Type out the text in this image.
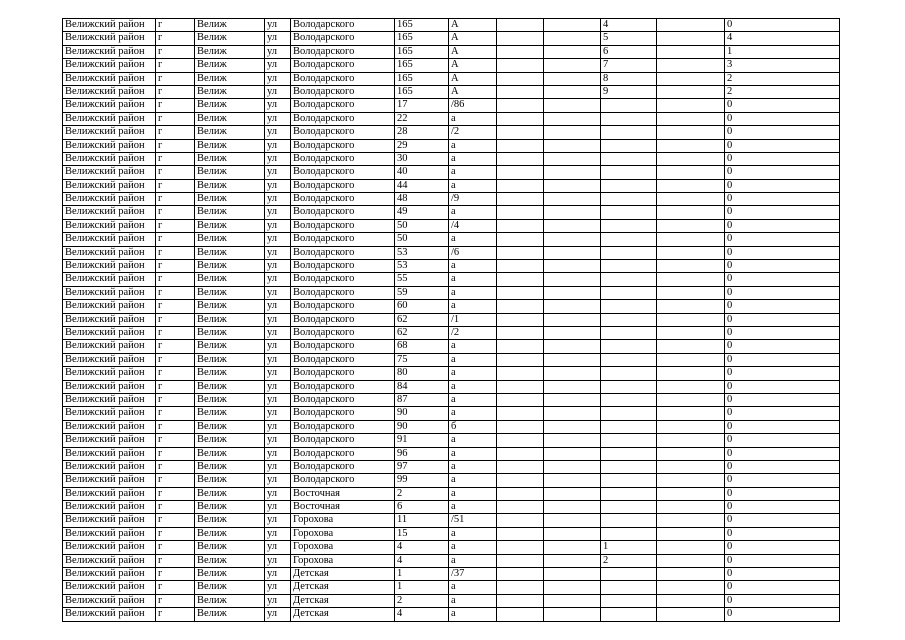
Велижский район	г	Велиж	ул	Володарского	165	А			4		0
Велижский район	г	Велиж	ул	Володарского	165	А			5		4
Велижский район	г	Велиж	ул	Володарского	165	А			6		1
Велижский район	г	Велиж	ул	Володарского	165	А			7		3
Велижский район	г	Велиж	ул	Володарского	165	А			8		2
Велижский район	г	Велиж	ул	Володарского	165	А			9		2
Велижский район	г	Велиж	ул	Володарского	17	/86					0
Велижский район	г	Велиж	ул	Володарского	22	а					0
Велижский район	г	Велиж	ул	Володарского	28	/2					0
Велижский район	г	Велиж	ул	Володарского	29	а					0
Велижский район	г	Велиж	ул	Володарского	30	а					0
Велижский район	г	Велиж	ул	Володарского	40	а					0
Велижский район	г	Велиж	ул	Володарского	44	а					0
Велижский район	г	Велиж	ул	Володарского	48	/9					0
Велижский район	г	Велиж	ул	Володарского	49	а					0
Велижский район	г	Велиж	ул	Володарского	50	/4					0
Велижский район	г	Велиж	ул	Володарского	50	а					0
Велижский район	г	Велиж	ул	Володарского	53	/6					0
Велижский район	г	Велиж	ул	Володарского	53	а					0
Велижский район	г	Велиж	ул	Володарского	55	а					0
Велижский район	г	Велиж	ул	Володарского	59	а					0
Велижский район	г	Велиж	ул	Володарского	60	а					0
Велижский район	г	Велиж	ул	Володарского	62	/1					0
Велижский район	г	Велиж	ул	Володарского	62	/2					0
Велижский район	г	Велиж	ул	Володарского	68	а					0
Велижский район	г	Велиж	ул	Володарского	75	а					0
Велижский район	г	Велиж	ул	Володарского	80	а					0
Велижский район	г	Велиж	ул	Володарского	84	а					0
Велижский район	г	Велиж	ул	Володарского	87	а					0
Велижский район	г	Велиж	ул	Володарского	90	а					0
Велижский район	г	Велиж	ул	Володарского	90	б					0
Велижский район	г	Велиж	ул	Володарского	91	а					0
Велижский район	г	Велиж	ул	Володарского	96	а					0
Велижский район	г	Велиж	ул	Володарского	97	а					0
Велижский район	г	Велиж	ул	Володарского	99	а					0
Велижский район	г	Велиж	ул	Восточная	2	а					0
Велижский район	г	Велиж	ул	Восточная	6	а					0
Велижский район	г	Велиж	ул	Горохова	11	/51					0
Велижский район	г	Велиж	ул	Горохова	15	а					0
Велижский район	г	Велиж	ул	Горохова	4	а			1		0
Велижский район	г	Велиж	ул	Горохова	4	а			2		0
Велижский район	г	Велиж	ул	Детская	1	/37					0
Велижский район	г	Велиж	ул	Детская	1	а					0
Велижский район	г	Велиж	ул	Детская	2	а					0
Велижский район	г	Велиж	ул	Детская	4	а					0
